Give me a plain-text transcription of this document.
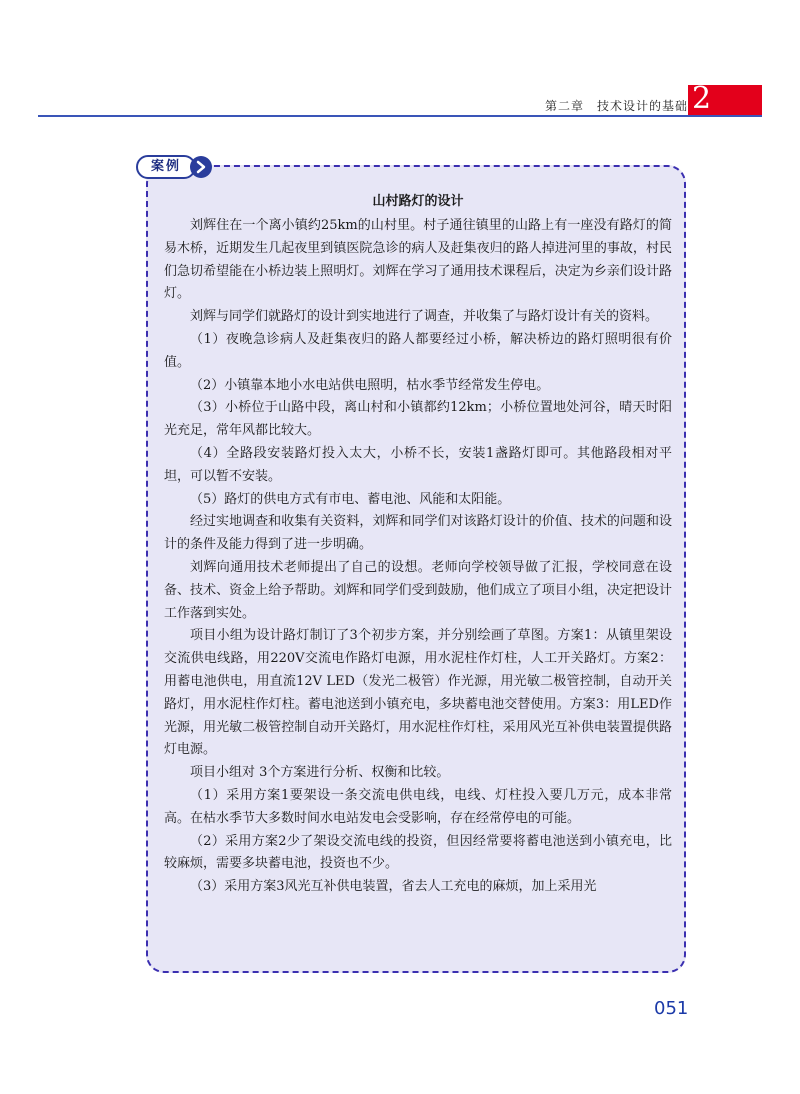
第二章　技术设计的基础 2
案例
山村路灯的设计

刘辉住在一个离小镇约25km的山村里。村子通往镇里的山路上有一座没有路灯的简易木桥，近期发生几起夜里到镇医院急诊的病人及赶集夜归的路人掉进河里的事故，村民们急切希望能在小桥边装上照明灯。刘辉在学习了通用技术课程后，决定为乡亲们设计路灯。

刘辉与同学们就路灯的设计到实地进行了调查，并收集了与路灯设计有关的资料。

（1）夜晚急诊病人及赶集夜归的路人都要经过小桥，解决桥边的路灯照明很有价值。

（2）小镇靠本地小水电站供电照明，枯水季节经常发生停电。

（3）小桥位于山路中段，离山村和小镇都约12km；小桥位置地处河谷，晴天时阳光充足，常年风都比较大。

（4）全路段安装路灯投入太大，小桥不长，安装1盏路灯即可。其他路段相对平坦，可以暂不安装。

（5）路灯的供电方式有市电、蓄电池、风能和太阳能。

经过实地调查和收集有关资料，刘辉和同学们对该路灯设计的价值、技术的问题和设计的条件及能力得到了进一步明确。

刘辉向通用技术老师提出了自己的设想。老师向学校领导做了汇报，学校同意在设备、技术、资金上给予帮助。刘辉和同学们受到鼓励，他们成立了项目小组，决定把设计工作落到实处。

项目小组为设计路灯制订了3个初步方案，并分别绘画了草图。方案1：从镇里架设交流供电线路，用220V交流电作路灯电源，用水泥柱作灯柱，人工开关路灯。方案2：用蓄电池供电，用直流12V LED（发光二极管）作光源，用光敏二极管控制，自动开关路灯，用水泥柱作灯柱。蓄电池送到小镇充电，多块蓄电池交替使用。方案3：用LED作光源，用光敏二极管控制自动开关路灯，用水泥柱作灯柱，采用风光互补供电装置提供路灯电源。

项目小组对 3个方案进行分析、权衡和比较。

（1）采用方案1要架设一条交流电供电线，电线、灯柱投入要几万元，成本非常高。在枯水季节大多数时间水电站发电会受影响，存在经常停电的可能。

（2）采用方案2少了架设交流电线的投资，但因经常要将蓄电池送到小镇充电，比较麻烦，需要多块蓄电池，投资也不少。

（3）采用方案3风光互补供电装置，省去人工充电的麻烦，加上采用光

051
